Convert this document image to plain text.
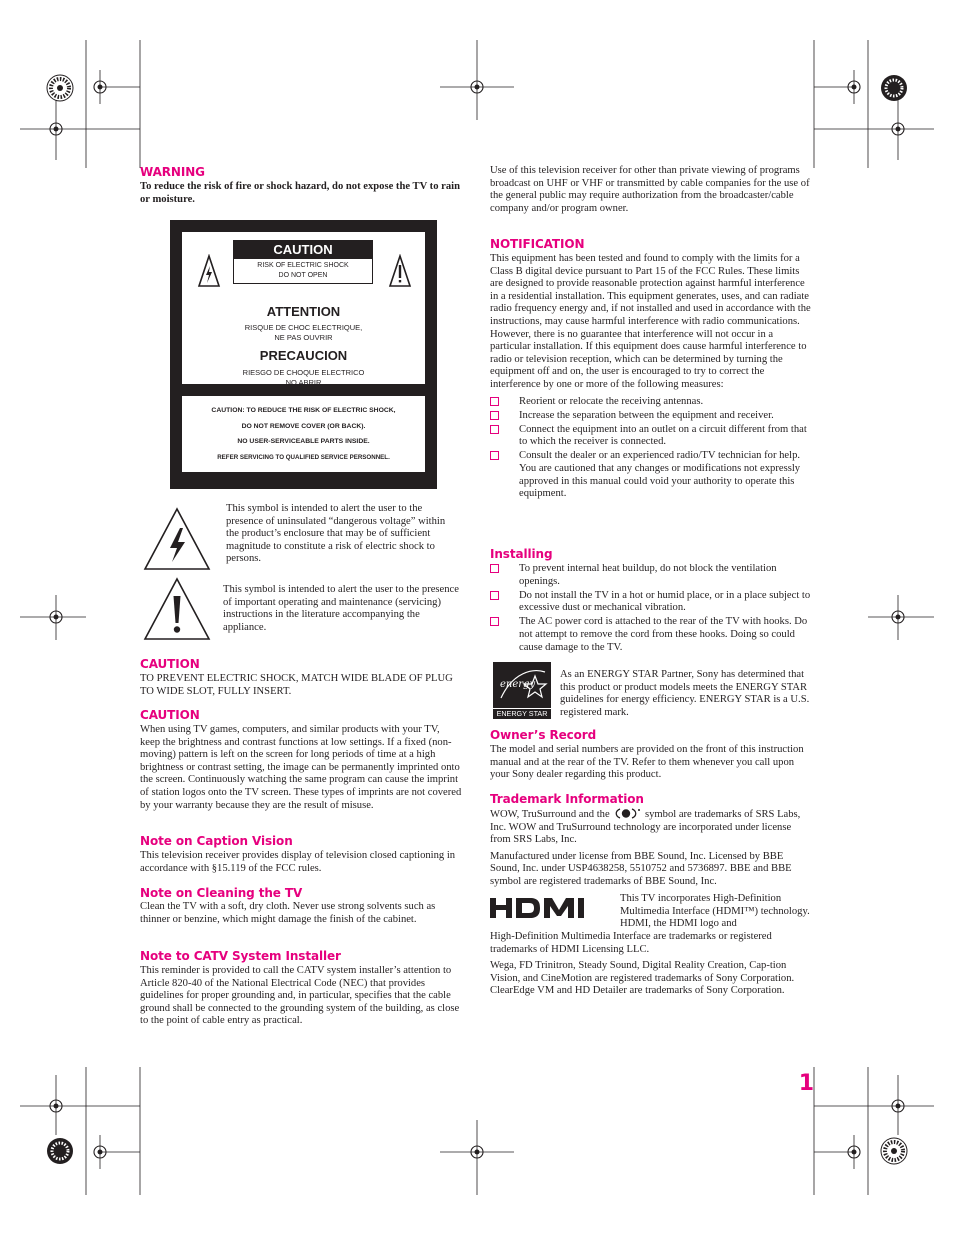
WARNING

To reduce the risk of fire or shock hazard, do not expose the TV to rain or moisture.

CAUTION
RISK OF ELECTRIC SHOCK
DO NOT OPEN
ATTENTION
RISQUE DE CHOC ELECTRIQUE,
NE PAS OUVRIR
PRECAUCION
RIESGO DE CHOQUE ELECTRICO
NO ABRIR
CAUTION: TO REDUCE THE RISK OF ELECTRIC SHOCK,
DO NOT REMOVE COVER (OR BACK).
NO USER-SERVICEABLE PARTS INSIDE.
REFER SERVICING TO QUALIFIED SERVICE PERSONNEL.

This symbol is intended to alert the user to the presence of uninsulated “dangerous voltage” within the product’s enclosure that may be of sufficient magnitude to constitute a risk of electric shock to persons.

This symbol is intended to alert the user to the presence of important operating and maintenance (servicing) instructions in the literature accompanying the appliance.

CAUTION

TO PREVENT ELECTRIC SHOCK, MATCH WIDE BLADE OF PLUG TO WIDE SLOT, FULLY INSERT.

CAUTION

When using TV games, computers, and similar products with your TV, keep the brightness and contrast functions at low settings. If a fixed (non-moving) pattern is left on the screen for long periods of time at a high brightness or contrast setting, the image can be permanently imprinted onto the screen. Continuously watching the same program can cause the imprint of station logos onto the TV screen. These types of imprints are not covered by your warranty because they are the result of misuse.

Note on Caption Vision

This television receiver provides display of television closed captioning in accordance with §15.119 of the FCC rules.

Note on Cleaning the TV

Clean the TV with a soft, dry cloth. Never use strong solvents such as thinner or benzine, which might damage the finish of the cabinet.

Note to CATV System Installer

This reminder is provided to call the CATV system installer’s attention to Article 820-40 of the National Electrical Code (NEC) that provides guidelines for proper grounding and, in particular, specifies that the cable ground shall be connected to the grounding system of the building, as close to the point of cable entry as practical.

Use of this television receiver for other than private viewing of programs broadcast on UHF or VHF or transmitted by cable companies for the use of the general public may require authorization from the broadcaster/cable company and/or program owner.

NOTIFICATION

This equipment has been tested and found to comply with the limits for a Class B digital device pursuant to Part 15 of the FCC Rules. These limits are designed to provide reasonable protection against harmful interference in a residential installation. This equipment generates, uses, and can radiate radio frequency energy and, if not installed and used in accordance with the instructions, may cause harmful interference with radio communications. However, there is no guarantee that interference will not occur in a particular installation. If this equipment does cause harmful interference to radio or television reception, which can be determined by turning the equipment off and on, the user is encouraged to try to correct the interference by one or more of the following measures:

Reorient or relocate the receiving antennas.
Increase the separation between the equipment and receiver.
Connect the equipment into an outlet on a circuit different from that to which the receiver is connected.
Consult the dealer or an experienced radio/TV technician for help.

You are cautioned that any changes or modifications not expressly approved in this manual could void your authority to operate this equipment.

Installing
To prevent internal heat buildup, do not block the ventilation openings.
Do not install the TV in a hot or humid place, or in a place subject to excessive dust or mechanical vibration.
The AC power cord is attached to the rear of the TV with hooks. Do not attempt to remove the cord from these hooks. Doing so could cause damage to the TV.
energy
ENERGY STAR

As an ENERGY STAR Partner, Sony has determined that this product or product models meets the ENERGY STAR guidelines for energy efficiency. ENERGY STAR is a U.S. registered mark.

Owner’s Record

The model and serial numbers are provided on the front of this instruction manual and at the rear of the TV. Refer to them whenever you call upon your Sony dealer regarding this product.

Trademark Information

WOW, TruSurround and the	symbol are trademarks of SRS Labs, Inc. WOW and TruSurround technology are incorporated under license from SRS Labs, Inc.

Manufactured under license from BBE Sound, Inc. Licensed by BBE Sound, Inc. under USP4638258, 5510752 and 5736897. BBE and BBE symbol are registered trademarks of BBE Sound, Inc.

This TV incorporates High-Definition Multimedia Interface (HDMI™) technology. HDMI, the HDMI logo and

High-Definition Multimedia Interface are trademarks or registered trademarks of HDMI Licensing LLC.

Wega, FD Trinitron, Steady Sound, Digital Reality Creation, Cap-tion Vision, and CineMotion are registered trademarks of Sony Corporation. ClearEdge VM and HD Detailer are trademarks of Sony Corporation.

1
